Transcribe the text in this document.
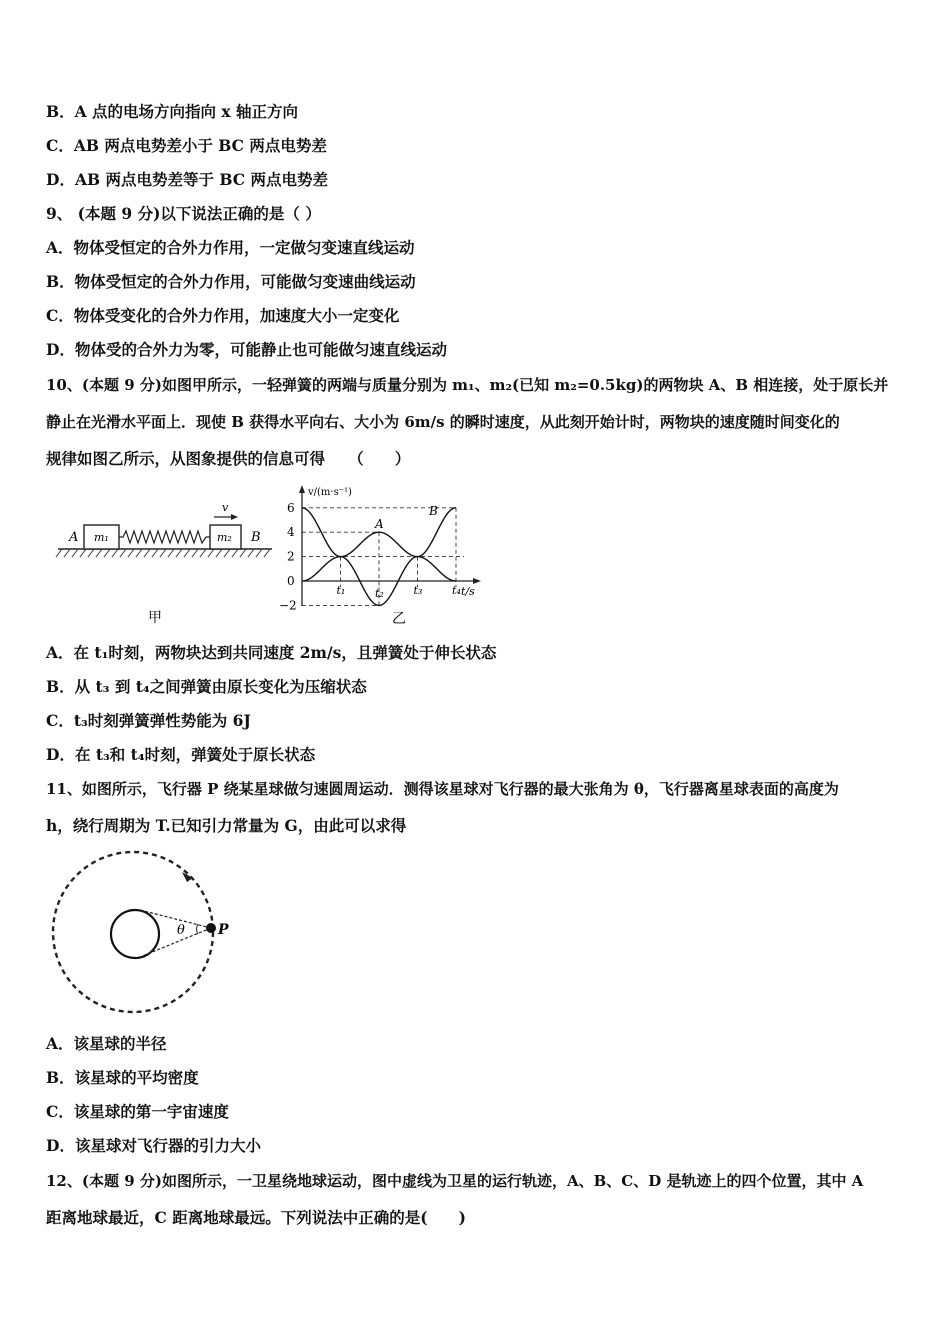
B．A 点的电场方向指向 x 轴正方向
C．AB 两点电势差小于 BC 两点电势差
D．AB 两点电势差等于 BC 两点电势差
9、 (本题 9 分)以下说法正确的是（ ）
A．物体受恒定的合外力作用，一定做匀变速直线运动
B．物体受恒定的合外力作用，可能做匀变速曲线运动
C．物体受变化的合外力作用，加速度大小一定变化
D．物体受的合外力为零，可能静止也可能做匀速直线运动
10、(本题 9 分)如图甲所示，一轻弹簧的两端与质量分别为 m₁、m₂(已知 m₂=0.5kg)的两物块 A、B 相连接，处于原长并
静止在光滑水平面上．现使 B 获得水平向右、大小为 6m/s 的瞬时速度，从此刻开始计时，两物块的速度随时间变化的
规律如图乙所示，从图象提供的信息可得　　（　　）
v
A m₁	m₂ B
甲
v/(m·s⁻¹)
t/s
6
4
2
0
−2
t₁	t₂	t₃	t₄
A
B
乙
A．在 t₁时刻，两物块达到共同速度 2m/s，且弹簧处于伸长状态
B．从 t₃ 到 t₄之间弹簧由原长变化为压缩状态
C．t₃时刻弹簧弹性势能为 6J
D．在 t₃和 t₄时刻，弹簧处于原长状态
11、如图所示，飞行器 P 绕某星球做匀速圆周运动．测得该星球对飞行器的最大张角为 θ，飞行器离星球表面的高度为
h，绕行周期为 T.已知引力常量为 G，由此可以求得
θ P
A．该星球的半径
B．该星球的平均密度
C．该星球的第一宇宙速度
D．该星球对飞行器的引力大小
12、(本题 9 分)如图所示，一卫星绕地球运动，图中虚线为卫星的运行轨迹，A、B、C、D 是轨迹上的四个位置，其中 A
距离地球最近，C 距离地球最远。下列说法中正确的是(　　)
